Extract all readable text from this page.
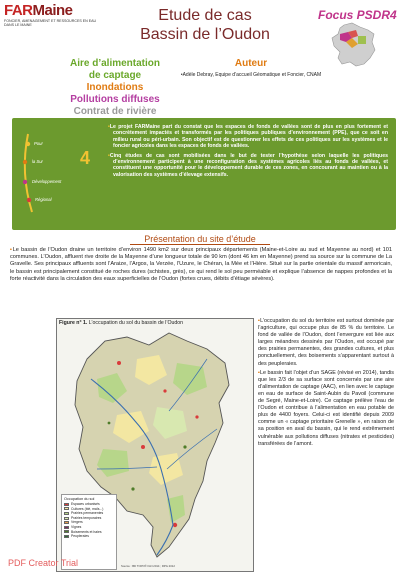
FARMaine
FONCIER, AMENAGEMENT ET RESSOURCES EN EAU DANS LE MAINE
Etude de cas
Bassin de l’Oudon
Focus PSDR4
Aire d’alimentation
de captage
Inondations
Pollutions diffuses
Contrat de rivière
Auteur
•Adèle Debray, Equipe d’accueil Géomatique et Foncier, CNAM
Pour
la Sur
Développement
Régional
4

•Le projet FARMaine part du constat que les espaces de fonds de vallées sont de plus en plus fortement et concrètement impactés et transformés par les politiques publiques d’environnement (PPE), que ce soit en milieu rural ou péri-urbain. Son objectif est de questionner les effets de ces politiques sur les systèmes et le foncier agricoles dans les espaces de fonds de vallées.

•Cinq études de cas sont mobilisées dans le but de tester l’hypothèse selon laquelle les politiques d’environnement participent à une reconfiguration des systèmes agricoles liés au fonds de vallées, et constituent une opportunité pour le développement durable de ces zones, en concourant au maintien ou à la valorisation des systèmes d’élevage extensifs.

Présentation du site d’étude
▪Le bassin de l’Oudon draine un territoire d’environ 1490 km2 sur deux principaux départements (Maine-et-Loire au sud et Mayenne au nord) et 101 communes. L’Oudon, affluent rive droite de la Mayenne d’une longueur totale de 90 km (dont 46 km en Mayenne) prend sa source sur la commune de La Gravelle. Ses principaux affluents sont l’Araize, l’Argos, la Verzée, l’Uzure, le Chéran, la Mée et l’Hière. Situé sur la partie orientale du massif armoricain, le bassin est principalement constitué de roches dures (schistes, grès), ce qui rend le sol peu perméable et explique l’absence de nappes profondes et la forte réactivité dans la circulation des eaux superficielles de l’Oudon (fortes crues, débits d’étiage sévères).
Figure n° 1. L’occupation du sol du bassin de l’Oudon
Occupation du sol
Espaces urbanisés
Cultures (blé, maïs...)
Prairies permanentes
Prairies temporaires
Vergers
Vignes
Boisements et haies
Peupleraies
Source : BD TOPO® IGN 2014 ; RPG 2012

▪L’occupation du sol du territoire est surtout dominée par l’agriculture, qui occupe plus de 85 % du territoire. Le fond de vallée de l’Oudon, dont l’envergure est liée aux larges méandres dessinés par l’Oudon, est occupé par des prairies permanentes, des grandes cultures, et plus ponctuellement, des boisements s’apparentant surtout à des peupleraies.

▪Le bassin fait l’objet d’un SAGE (révisé en 2014), tandis que les 2/3 de sa surface sont concernés par une aire d’alimentation de captage (AAC), en lien avec le captage en eau de surface de Saint-Aubin du Pavoil (commune de Segré, Maine-et-Loire). Ce captage prélève l’eau de l’Oudon et contribue à l’alimentation en eau potable de plus de 4400 foyers. Celui-ci est identifié depuis 2009 comme un « captage prioritaire Grenelle », en raison de sa position en aval du bassin, qui le rend extrêmement vulnérable aux pollutions diffuses (nitrates et pesticides) transférées de l’amont.

PDF Creator Trial
